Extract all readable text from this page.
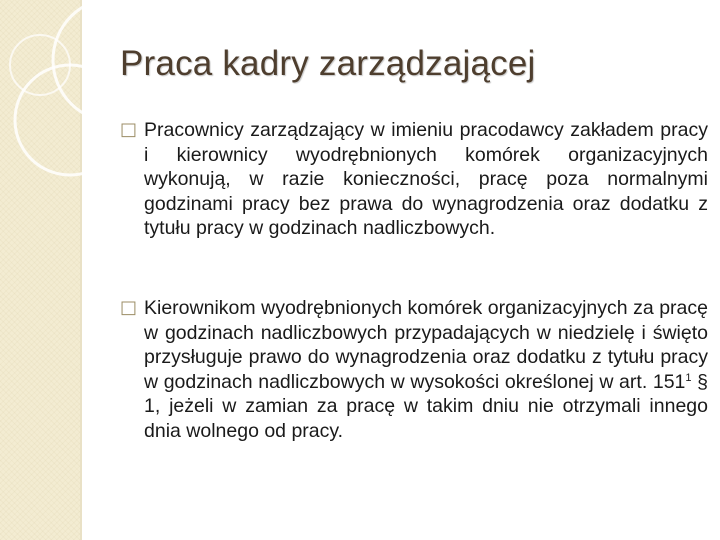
Praca kadry zarządzającej
□ Pracownicy zarządzający w imieniu pracodawcy zakładem pracy i kierownicy wyodrębnionych komórek organizacyjnych wykonują, w razie konieczności, pracę poza normalnymi godzinami pracy bez prawa do wynagrodzenia oraz dodatku z tytułu pracy w godzinach nadliczbowych.

□ Kierownikom wyodrębnionych komórek organizacyjnych za pracę w godzinach nadliczbowych przypadających w niedzielę i święto przysługuje prawo do wynagrodzenia oraz dodatku z tytułu pracy w godzinach nadliczbowych w wysokości określonej w art. $151^1$ § 1, jeżeli w zamian za pracę w takim dniu nie otrzymali innego dnia wolnego od pracy.
